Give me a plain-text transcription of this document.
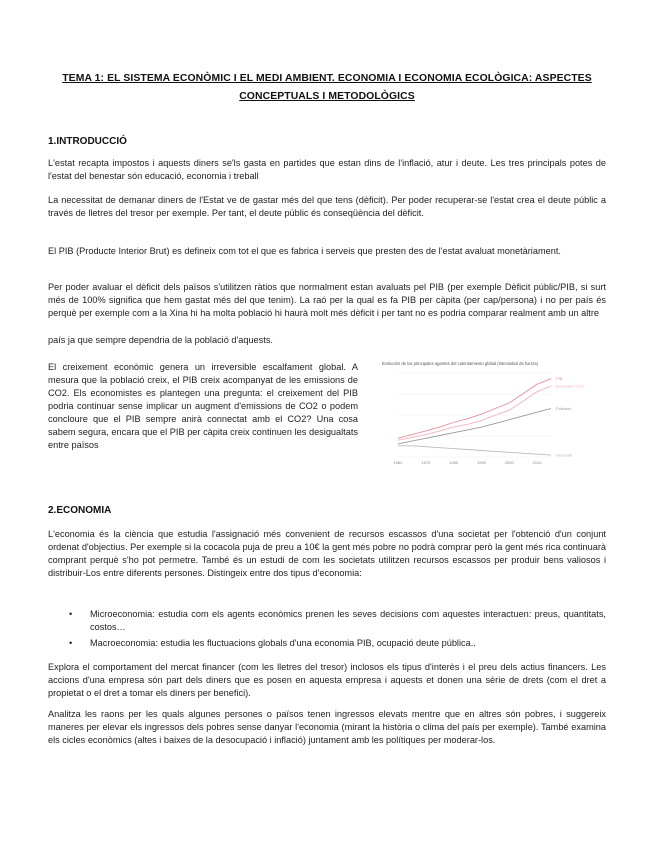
TEMA 1: EL SISTEMA ECONÒMIC I EL MEDI AMBIENT. ECONOMIA I ECONOMIA ECOLÒGICA: ASPECTES CONCEPTUALS I METODOLÒGICS
1.INTRODUCCIÓ

L'estat recapta impostos i aquests diners se'ls gasta en partides que estan dins de l'inflació, atur i deute. Les tres principals potes de l'estat del benestar són educació, economia i treball

La necessitat de demanar diners de l'Estat ve de gastar més del que tens (dèficit). Per poder recuperar-se l'estat crea el deute públic a través de lletres del tresor per exemple. Per tant, el deute públic és conseqüència del dèficit.

El PIB (Producte Interior Brut) es defineix com tot el que es fabrica i serveis que presten des de l'estat avaluat monetàriament.

Per poder avaluar el dèficit dels països s'utilitzen ràtios que normalment estan avaluats pel PIB (per exemple Dèficit públic/PIB, si surt més de 100% significa que hem gastat més del que tenim). La raó per la qual es fa PIB per càpita (per cap/persona) i no per país és perquè per exemple com a la Xina hi ha molta població hi haurà molt més dèficit i per tant no es podria comparar realment amb un altre

país ja que sempre dependria de la població d'aquests.

El creixement econòmic genera un irreversible escalfament global. A mesura que la població creix, el PIB creix acompanyat de les emissions de CO2. Els economistes es plantegen una pregunta: el creixement del PIB podria continuar sense implicar un augment d'emissions de CO2 o podem concloure que el PIB sempre anirà connectat amb el CO2? Una cosa sabem segura, encara que el PIB per càpita creix continuen les desigualtats entre països

Evolución de los principales agentes del calentamiento global (Intensidad de fuerza)
1960	1970	1980	1990	2000	2010
PIB
Emissions CO2
Població
Intensitat
2.ECONOMIA

L'economia és la ciència que estudia l'assignació més convenient de recursos escassos d'una societat per l'obtenció d'un conjunt ordenat d'objectius. Per exemple si la cocacola puja de preu a 10€ la gent més pobre no podrà comprar però la gent més rica continuarà comprant perquè s'ho pot permetre. També és un estudi de com les societats utilitzen recursos escassos per produir bens valiosos i distribuir-Los entre diferents persones. Distingeix entre dos tipus d'economia:

• Microeconomia: estudia com els agents econòmics prenen les seves decisions com aquestes interactuen: preus, quantitats, costos…
• Macroeconomia: estudia les fluctuacions globals d'una economia PIB, ocupació deute pública..

Explora el comportament del mercat financer (com les lletres del tresor) inclosos els tipus d'interès i el preu dels actius financers. Les accions d'una empresa són part dels diners que es posen en aquesta empresa i aquests et donen una sèrie de drets (com el dret a propietat o el dret a tomar els diners per benefici).

Analitza les raons per les quals algunes persones o països tenen ingressos elevats mentre que en altres són pobres, i suggereix maneres per elevar els ingressos dels pobres sense danyar l'economia (mirant la història o clima del país per exemple). També examina els cicles econòmics (altes i baixes de la desocupació i inflació) juntament amb les polítiques per moderar-los.
